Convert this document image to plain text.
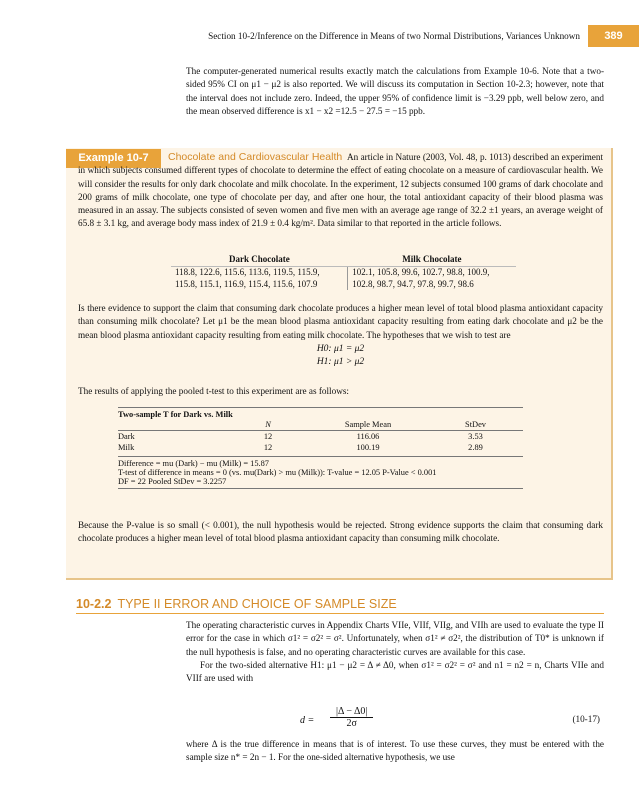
Section 10-2/Inference on the Difference in Means of two Normal Distributions, Variances Unknown	389
The computer-generated numerical results exactly match the calculations from Example 10-6. Note that a two-sided 95% CI on μ1 − μ2 is also reported. We will discuss its computation in Section 10-2.3; however, note that the interval does not include zero. Indeed, the upper 95% of confidence limit is −3.29 ppb, well below zero, and the mean observed difference is x1 − x2 =12.5 − 27.5 = −15 ppb.
Example 10-7	Chocolate and Cardiovascular Health An article in Nature (2003, Vol. 48, p. 1013) described an experiment in which subjects consumed different types of chocolate to determine the effect of eating chocolate on a measure of cardiovascular health. We will consider the results for only dark chocolate and milk chocolate. In the experiment, 12 subjects consumed 100 grams of dark chocolate and 200 grams of milk chocolate, one type of chocolate per day, and after one hour, the total antioxidant capacity of their blood plasma was measured in an assay. The subjects consisted of seven women and five men with an average age range of 32.2 ±1 years, an average weight of 65.8 ± 3.1 kg, and average body mass index of 21.9 ± 0.4 kg/m². Data similar to that reported in the article follows.
Dark Chocolate	Milk Chocolate
118.8, 122.6, 115.6, 113.6, 119.5, 115.9,	102.1, 105.8, 99.6, 102.7, 98.8, 100.9,
115.8, 115.1, 116.9, 115.4, 115.6, 107.9	102.8, 98.7, 94.7, 97.8, 99.7, 98.6
Is there evidence to support the claim that consuming dark chocolate produces a higher mean level of total blood plasma antioxidant capacity than consuming milk chocolate? Let μ1 be the mean blood plasma antioxidant capacity resulting from eating dark chocolate and μ2 be the mean blood plasma antioxidant capacity resulting from eating milk chocolate. The hypotheses that we wish to test are
H0: μ1 = μ2
H1: μ1 > μ2
The results of applying the pooled t-test to this experiment are as follows:
Two-sample T for Dark vs. Milk
	N	Sample Mean	StDev
Dark	12	116.06	3.53
Milk	12	100.19	2.89
Difference = mu (Dark) − mu (Milk) = 15.87
T-test of difference in means = 0 (vs. mu(Dark) > mu (Milk)): T-value = 12.05 P-Value < 0.001
DF = 22 Pooled StDev = 3.2257
Because the P-value is so small (< 0.001), the null hypothesis would be rejected. Strong evidence supports the claim that consuming dark chocolate produces a higher mean level of total blood plasma antioxidant capacity than consuming milk chocolate.
10-2.2 TYPE II ERROR AND CHOICE OF SAMPLE SIZE
The operating characteristic curves in Appendix Charts VIIe, VIIf, VIIg, and VIIh are used to evaluate the type II error for the case in which σ1² = σ2² = σ². Unfortunately, when σ1² ≠ σ2², the distribution of T0* is unknown if the null hypothesis is false, and no operating characteristic curves are available for this case.
For the two-sided alternative H1: μ1 − μ2 = Δ ≠ Δ0, when σ1² = σ2² = σ² and n1 = n2 = n, Charts VIIe and VIIf are used with
$d = \frac{|\Delta - \Delta 0|}{2\sigma}$	(10-17)
where Δ is the true difference in means that is of interest. To use these curves, they must be entered with the sample size n* = 2n − 1. For the one-sided alternative hypothesis, we use
